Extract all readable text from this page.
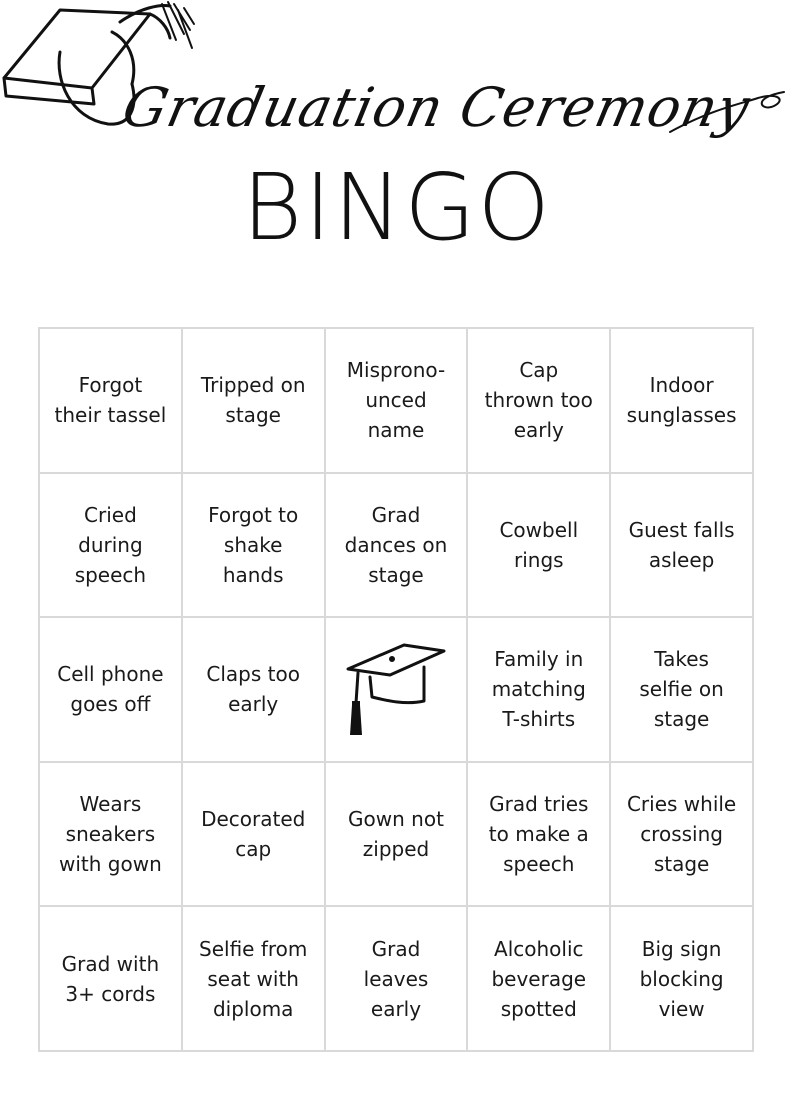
Graduation Ceremony
BINGO
Forgot
their tassel
Tripped on
stage
Misprono-
unced
name
Cap
thrown too
early
Indoor
sunglasses
Cried
during
speech
Forgot to
shake
hands
Grad
dances on
stage
Cowbell
rings
Guest falls
asleep
Cell phone
goes off
Claps too
early
Family in
matching
T-shirts
Takes
selfie on
stage
Wears
sneakers
with gown
Decorated
cap
Gown not
zipped
Grad tries
to make a
speech
Cries while
crossing
stage
Grad with
3+ cords
Selfie from
seat with
diploma
Grad
leaves
early
Alcoholic
beverage
spotted
Big sign
blocking
view
